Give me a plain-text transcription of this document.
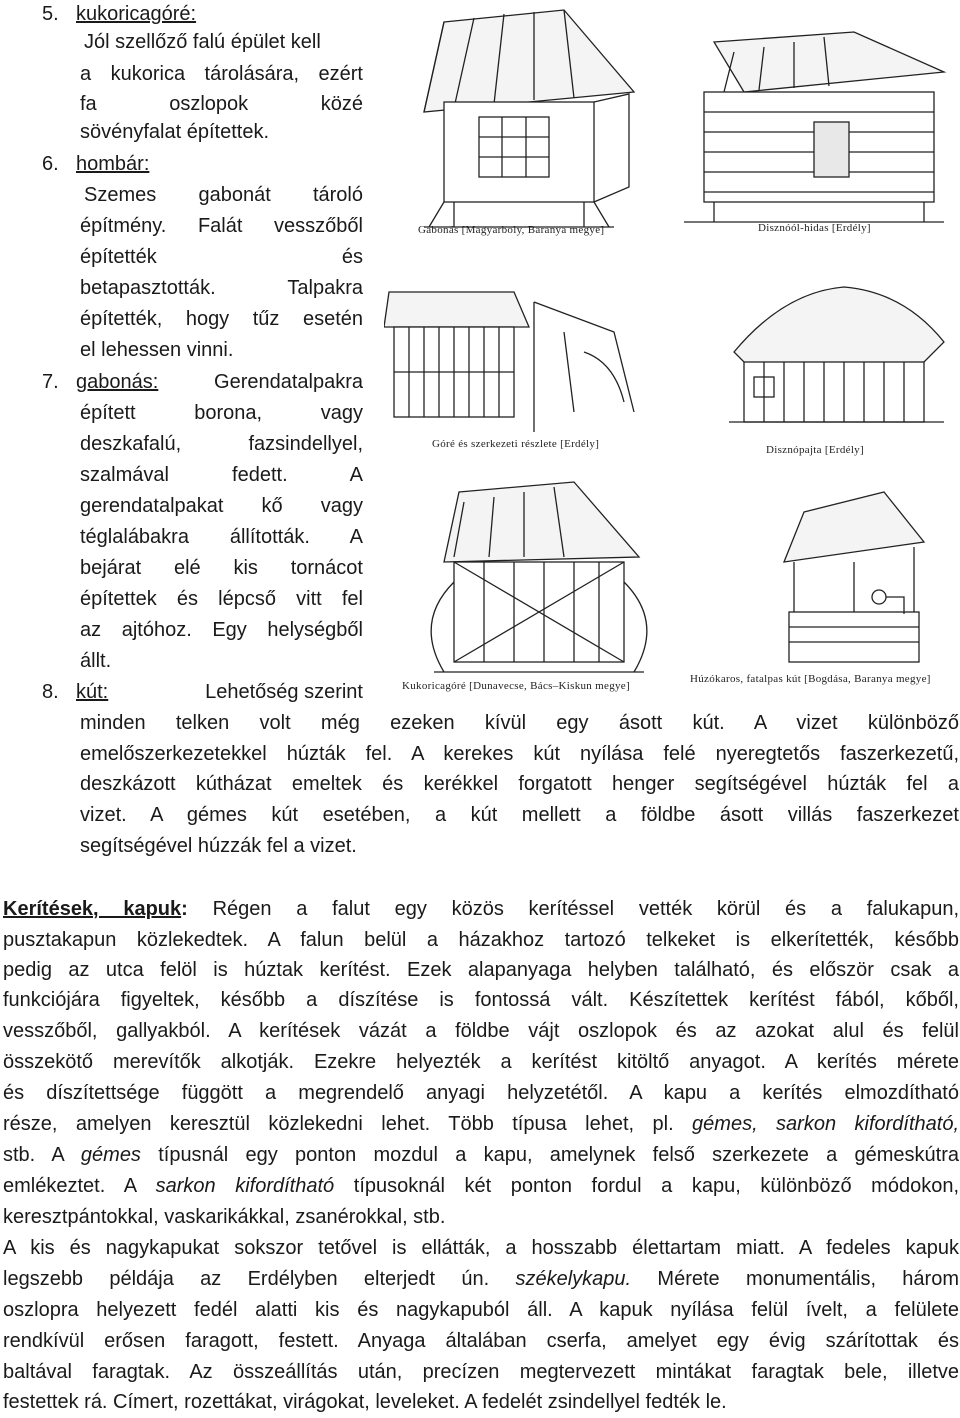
5. kukoricagóré:
Jól szellőző falú épület kell
a kukorica tárolására, ezért
fa oszlopok közé
sövényfalat építettek.
6. hombár:
Szemes gabonát tároló
építmény. Falát vesszőből
építették és
betapasztották. Talpakra
építették, hogy tűz esetén
el lehessen vinni.
7. gabonás:	Gerendatalpakra
épített borona, vagy
deszkafalú, fazsindellyel,
szalmával fedett. A
gerendatalpakat kő vagy
téglalábakra állították. A
bejárat elé kis tornácot
építettek és lépcső vitt fel
az ajtóhoz. Egy helységből
állt.
8. kút:	Lehetőség szerint
Gabonás [Magyarboly, Baranya megye]	Disznóól-hidas [Erdély]
Góré és szerkezeti részlete [Erdély]	Disznópajta [Erdély]
Kukoricagóré [Dunavecse, Bács–Kiskun megye]
Húzókaros, fatalpas kút [Bogdása, Baranya megye]
minden telken volt még ezeken kívül egy ásott kút. A vizet különböző
emelőszerkezetekkel húzták fel. A kerekes kút nyílása felé nyeregtetős faszerkezetű,
deszkázott kútházat emeltek és kerékkel forgatott henger segítségével húzták fel a
vizet. A gémes kút esetében, a kút mellett a földbe ásott villás faszerkezet
segítségével húzzák fel a vizet.
Kerítések, kapuk: Régen a falut egy közös kerítéssel vették körül és a falukapun,
pusztakapun közlekedtek. A falun belül a házakhoz tartozó telkeket is elkerítették, később
pedig az utca felöl is húztak kerítést. Ezek alapanyaga helyben található, és először csak a
funkciójára figyeltek, később a díszítése is fontossá vált. Készítettek kerítést fából, kőből,
vesszőből, gallyakból. A kerítések vázát a földbe vájt oszlopok és az azokat alul és felül
összekötő merevítők alkotják. Ezekre helyezték a kerítést kitöltő anyagot. A kerítés mérete
és díszítettsége függött a megrendelő anyagi helyzetétől. A kapu a kerítés elmozdítható
része, amelyen keresztül közlekedni lehet. Több típusa lehet, pl. gémes, sarkon kifordítható,
stb. A gémes típusnál egy ponton mozdul a kapu, amelynek felső szerkezete a gémeskútra
emlékeztet. A sarkon kifordítható típusoknál két ponton fordul a kapu, különböző módokon,
keresztpántokkal, vaskarikákkal, zsanérokkal, stb.
A kis és nagykapukat sokszor tetővel is ellátták, a hosszabb élettartam miatt. A fedeles kapuk
legszebb példája az Erdélyben elterjedt ún. székelykapu. Mérete monumentális, három
oszlopra helyezett fedél alatti kis és nagykapuból áll. A kapuk nyílása felül ívelt, a felülete
rendkívül erősen faragott, festett. Anyaga általában cserfa, amelyet egy évig szárítottak és
baltával faragtak. Az összeállítás után, precízen megtervezett mintákat faragtak bele, illetve
festettek rá. Címert, rozettákat, virágokat, leveleket. A fedelét zsindellyel fedték le.
